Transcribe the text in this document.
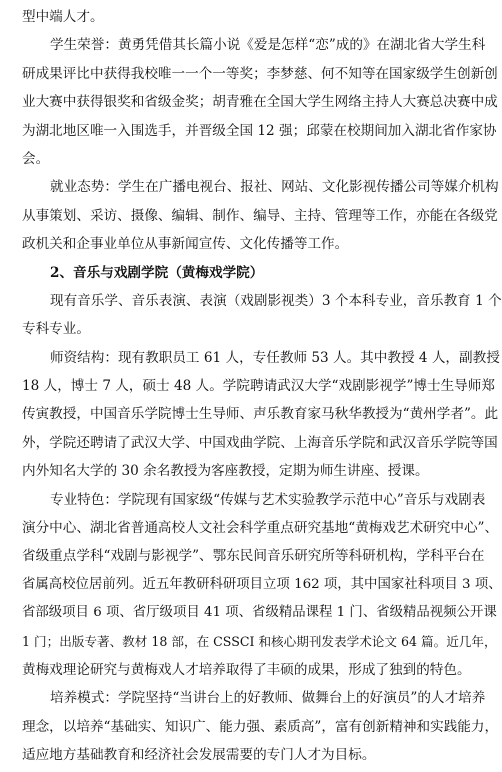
型中端人才。
学生荣誉：黄勇凭借其长篇小说《爱是怎样“恋”成的》在湖北省大学生科
研成果评比中获得我校唯一一个一等奖；李梦慈、何不知等在国家级学生创新创
业大赛中获得银奖和省级金奖；胡青雅在全国大学生网络主持人大赛总决赛中成
为湖北地区唯一入围选手，并晋级全国 12 强；邱蒙在校期间加入湖北省作家协
会。
就业态势：学生在广播电视台、报社、网站、文化影视传播公司等媒介机构
从事策划、采访、摄像、编辑、制作、编导、主持、管理等工作，亦能在各级党
政机关和企事业单位从事新闻宣传、文化传播等工作。
2、音乐与戏剧学院（黄梅戏学院）
现有音乐学、音乐表演、表演（戏剧影视类）3 个本科专业，音乐教育 1 个
专科专业。
师资结构：现有教职员工 61 人，专任教师 53 人。其中教授 4 人，副教授
18 人，博士 7 人，硕士 48 人。学院聘请武汉大学“戏剧影视学”博士生导师郑
传寅教授，中国音乐学院博士生导师、声乐教育家马秋华教授为“黄州学者”。此
外，学院还聘请了武汉大学、中国戏曲学院、上海音乐学院和武汉音乐学院等国
内外知名大学的 30 余名教授为客座教授，定期为师生讲座、授课。
专业特色：学院现有国家级“传媒与艺术实验教学示范中心”音乐与戏剧表
演分中心、湖北省普通高校人文社会科学重点研究基地“黄梅戏艺术研究中心”、
省级重点学科“戏剧与影视学”、鄂东民间音乐研究所等科研机构，学科平台在
省属高校位居前列。近五年教研科研项目立项 162 项，其中国家社科项目 3 项、
省部级项目 6 项、省厅级项目 41 项、省级精品课程 1 门、省级精品视频公开课
1 门；出版专著、教材 18 部，在 CSSCI 和核心期刊发表学术论文 64 篇。近几年，
黄梅戏理论研究与黄梅戏人才培养取得了丰硕的成果，形成了独到的特色。
培养模式：学院坚持“当讲台上的好教师、做舞台上的好演员”的人才培养
理念，以培养“基础实、知识广、能力强、素质高”，富有创新精神和实践能力，
适应地方基础教育和经济社会发展需要的专门人才为目标。
